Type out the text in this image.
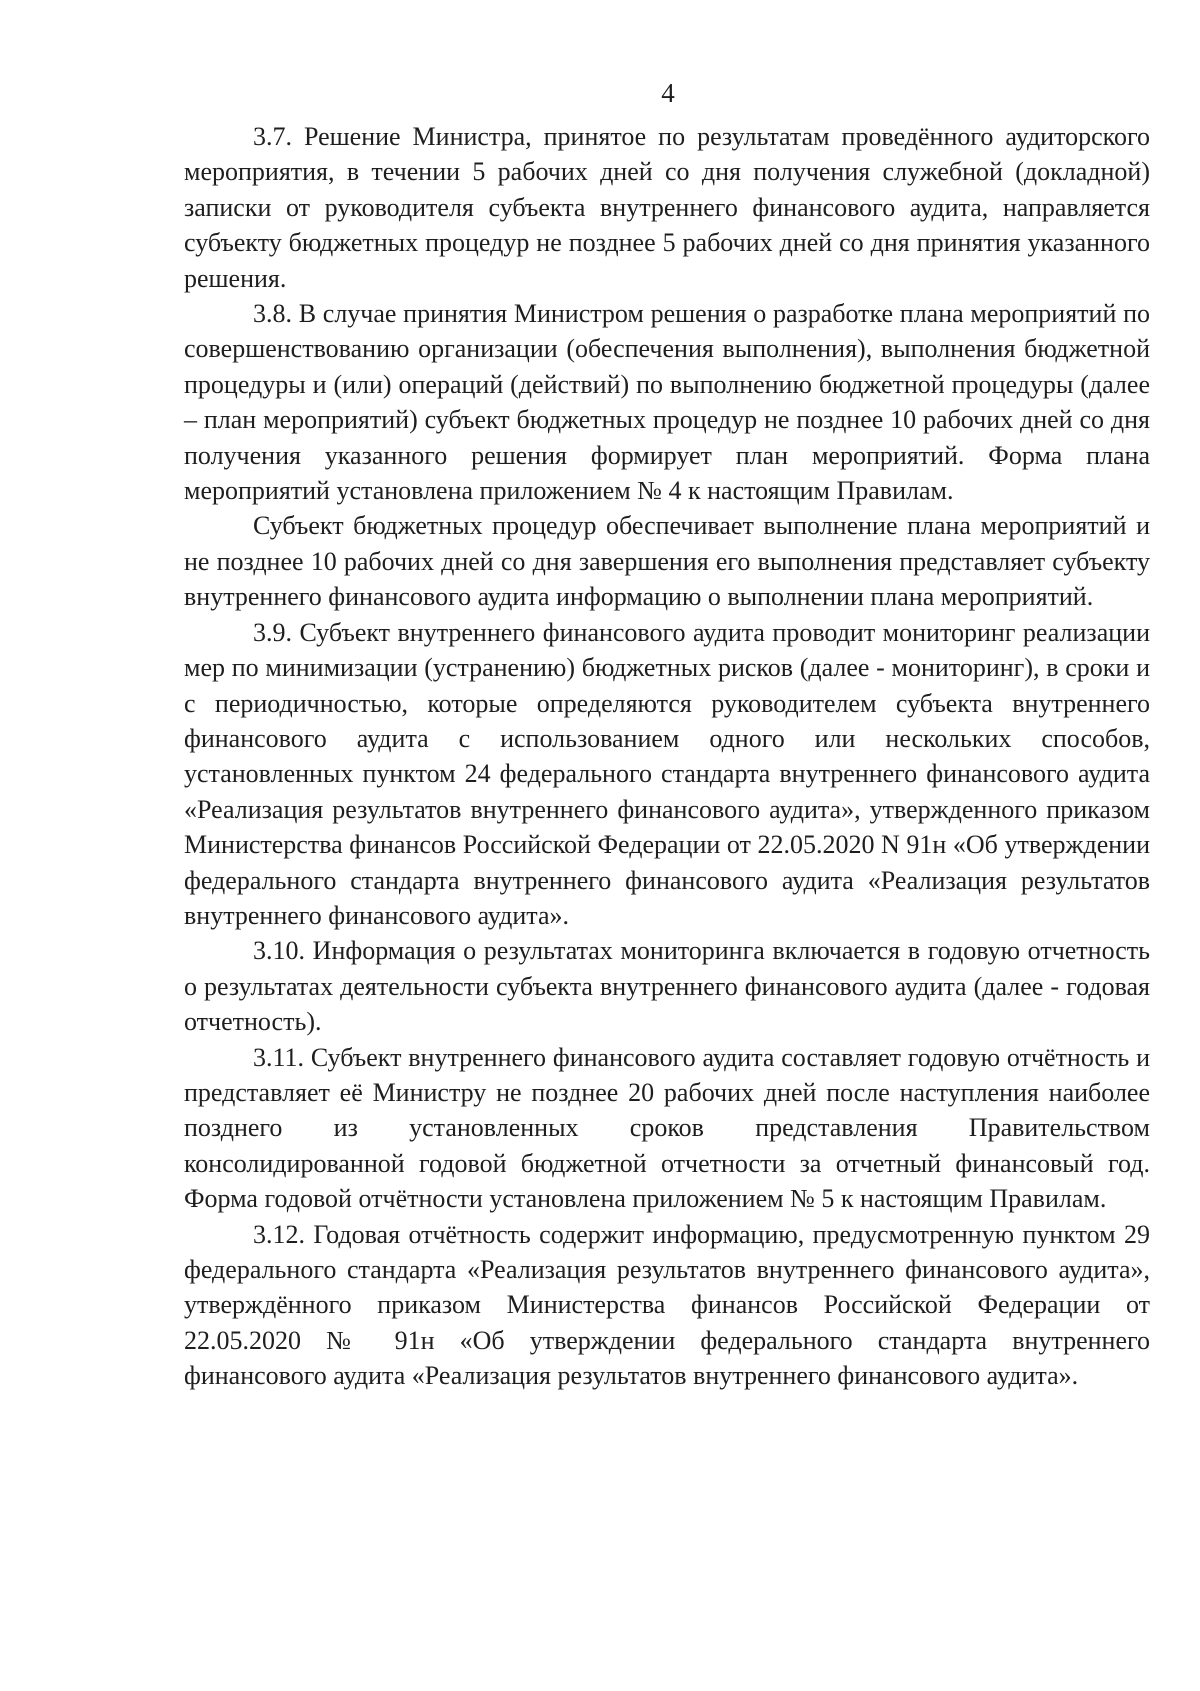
4

3.7. Решение Министра, принятое по результатам проведённого аудиторского мероприятия, в течении 5 рабочих дней со дня получения служебной (докладной) записки от руководителя субъекта внутреннего финансового аудита, направляется субъекту бюджетных процедур не позднее 5 рабочих дней со дня принятия указанного решения.

3.8. В случае принятия Министром решения о разработке плана мероприятий по совершенствованию организации (обеспечения выполнения), выполнения бюджетной процедуры и (или) операций (действий) по выполнению бюджетной процедуры (далее – план мероприятий) субъект бюджетных процедур не позднее 10 рабочих дней со дня получения указанного решения формирует план мероприятий. Форма плана мероприятий установлена приложением № 4 к настоящим Правилам.

Субъект бюджетных процедур обеспечивает выполнение плана мероприятий и не позднее 10 рабочих дней со дня завершения его выполнения представляет субъекту внутреннего финансового аудита информацию о выполнении плана мероприятий.

3.9. Субъект внутреннего финансового аудита проводит мониторинг реализации мер по минимизации (устранению) бюджетных рисков (далее - мониторинг), в сроки и с периодичностью, которые определяются руководителем субъекта внутреннего финансового аудита с использованием одного или нескольких способов, установленных пунктом 24 федерального стандарта внутреннего финансового аудита «Реализация результатов внутреннего финансового аудита», утвержденного приказом Министерства финансов Российской Федерации от 22.05.2020 N 91н «Об утверждении федерального стандарта внутреннего финансового аудита «Реализация результатов внутреннего финансового аудита».

3.10. Информация о результатах мониторинга включается в годовую отчетность о результатах деятельности субъекта внутреннего финансового аудита (далее - годовая отчетность).

3.11. Субъект внутреннего финансового аудита составляет годовую отчётность и представляет её Министру не позднее 20 рабочих дней после наступления наиболее позднего из установленных сроков представления Правительством консолидированной годовой бюджетной отчетности за отчетный финансовый год. Форма годовой отчётности установлена приложением № 5 к настоящим Правилам.

3.12. Годовая отчётность содержит информацию, предусмотренную пунктом 29 федерального стандарта «Реализация результатов внутреннего финансового аудита», утверждённого приказом Министерства финансов Российской Федерации от 22.05.2020 № 91н «Об утверждении федерального стандарта внутреннего финансового аудита «Реализация результатов внутреннего финансового аудита».
